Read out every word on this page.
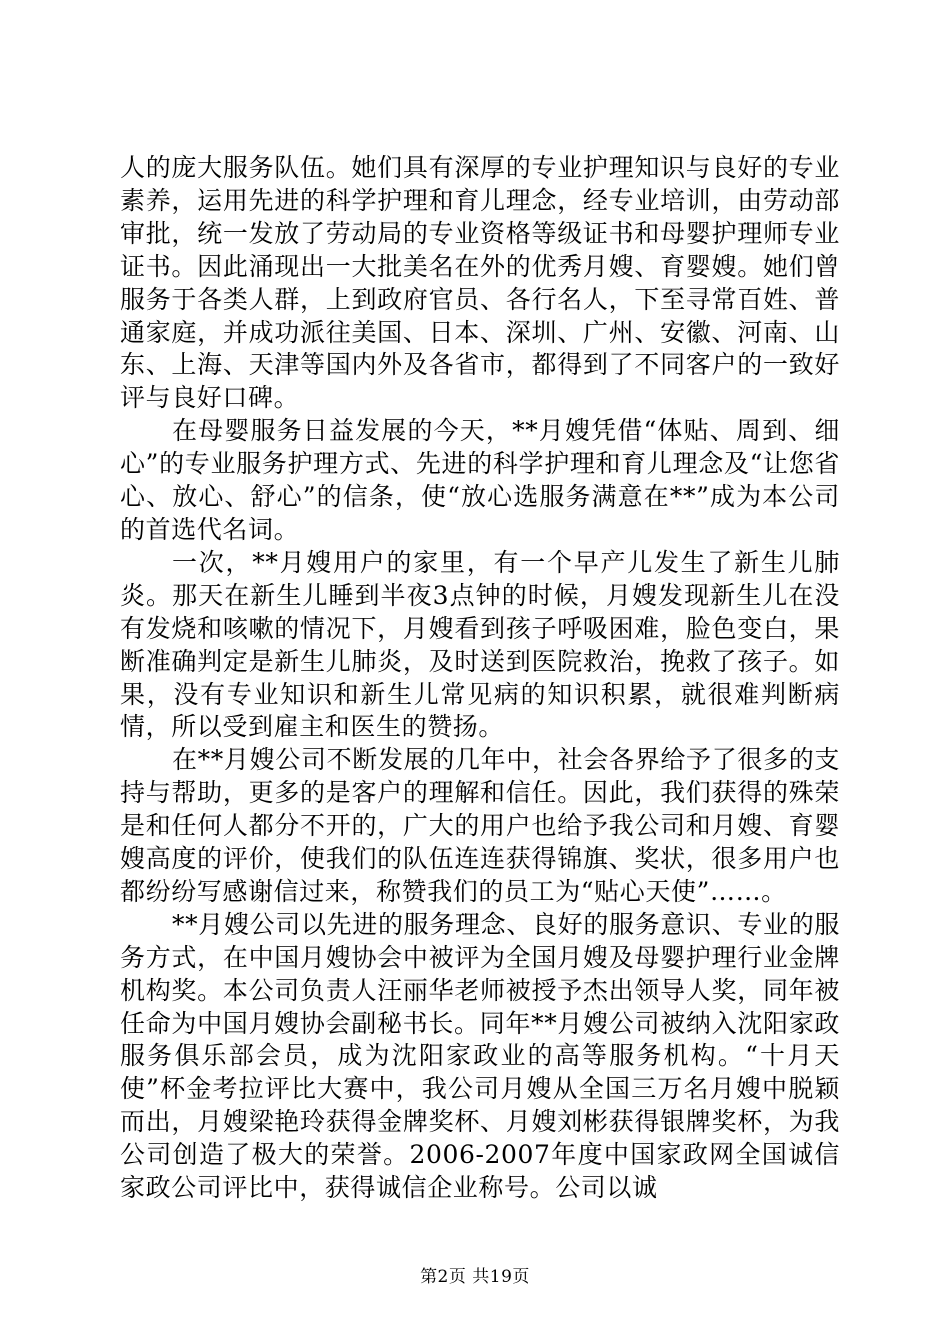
人的庞大服务队伍。她们具有深厚的专业护理知识与良好的专业素养，运用先进的科学护理和育儿理念，经专业培训，由劳动部审批，统一发放了劳动局的专业资格等级证书和母婴护理师专业证书。因此涌现出一大批美名在外的优秀月嫂、育婴嫂。她们曾服务于各类人群，上到政府官员、各行名人，下至寻常百姓、普通家庭，并成功派往美国、日本、深圳、广州、安徽、河南、山东、上海、天津等国内外及各省市，都得到了不同客户的一致好评与良好口碑。

在母婴服务日益发展的今天，**月嫂凭借“体贴、周到、细心”的专业服务护理方式、先进的科学护理和育儿理念及“让您省心、放心、舒心”的信条，使“放心选服务满意在**”成为本公司的首选代名词。

一次，**月嫂用户的家里，有一个早产儿发生了新生儿肺炎。那天在新生儿睡到半夜3点钟的时候，月嫂发现新生儿在没有发烧和咳嗽的情况下，月嫂看到孩子呼吸困难，脸色变白，果断准确判定是新生儿肺炎，及时送到医院救治，挽救了孩子。如果，没有专业知识和新生儿常见病的知识积累，就很难判断病情，所以受到雇主和医生的赞扬。

在**月嫂公司不断发展的几年中，社会各界给予了很多的支持与帮助，更多的是客户的理解和信任。因此，我们获得的殊荣是和任何人都分不开的，广大的用户也给予我公司和月嫂、育婴嫂高度的评价，使我们的队伍连连获得锦旗、奖状，很多用户也都纷纷写感谢信过来，称赞我们的员工为“贴心天使”……。

**月嫂公司以先进的服务理念、良好的服务意识、专业的服务方式，在中国月嫂协会中被评为全国月嫂及母婴护理行业金牌机构奖。本公司负责人汪丽华老师被授予杰出领导人奖，同年被任命为中国月嫂协会副秘书长。同年**月嫂公司被纳入沈阳家政服务俱乐部会员，成为沈阳家政业的高等服务机构。“十月天使”杯金考拉评比大赛中，我公司月嫂从全国三万名月嫂中脱颖而出，月嫂梁艳玲获得金牌奖杯、月嫂刘彬获得银牌奖杯，为我公司创造了极大的荣誉。2006-2007年度中国家政网全国诚信家政公司评比中，获得诚信企业称号。公司以诚

第2页 共19页
